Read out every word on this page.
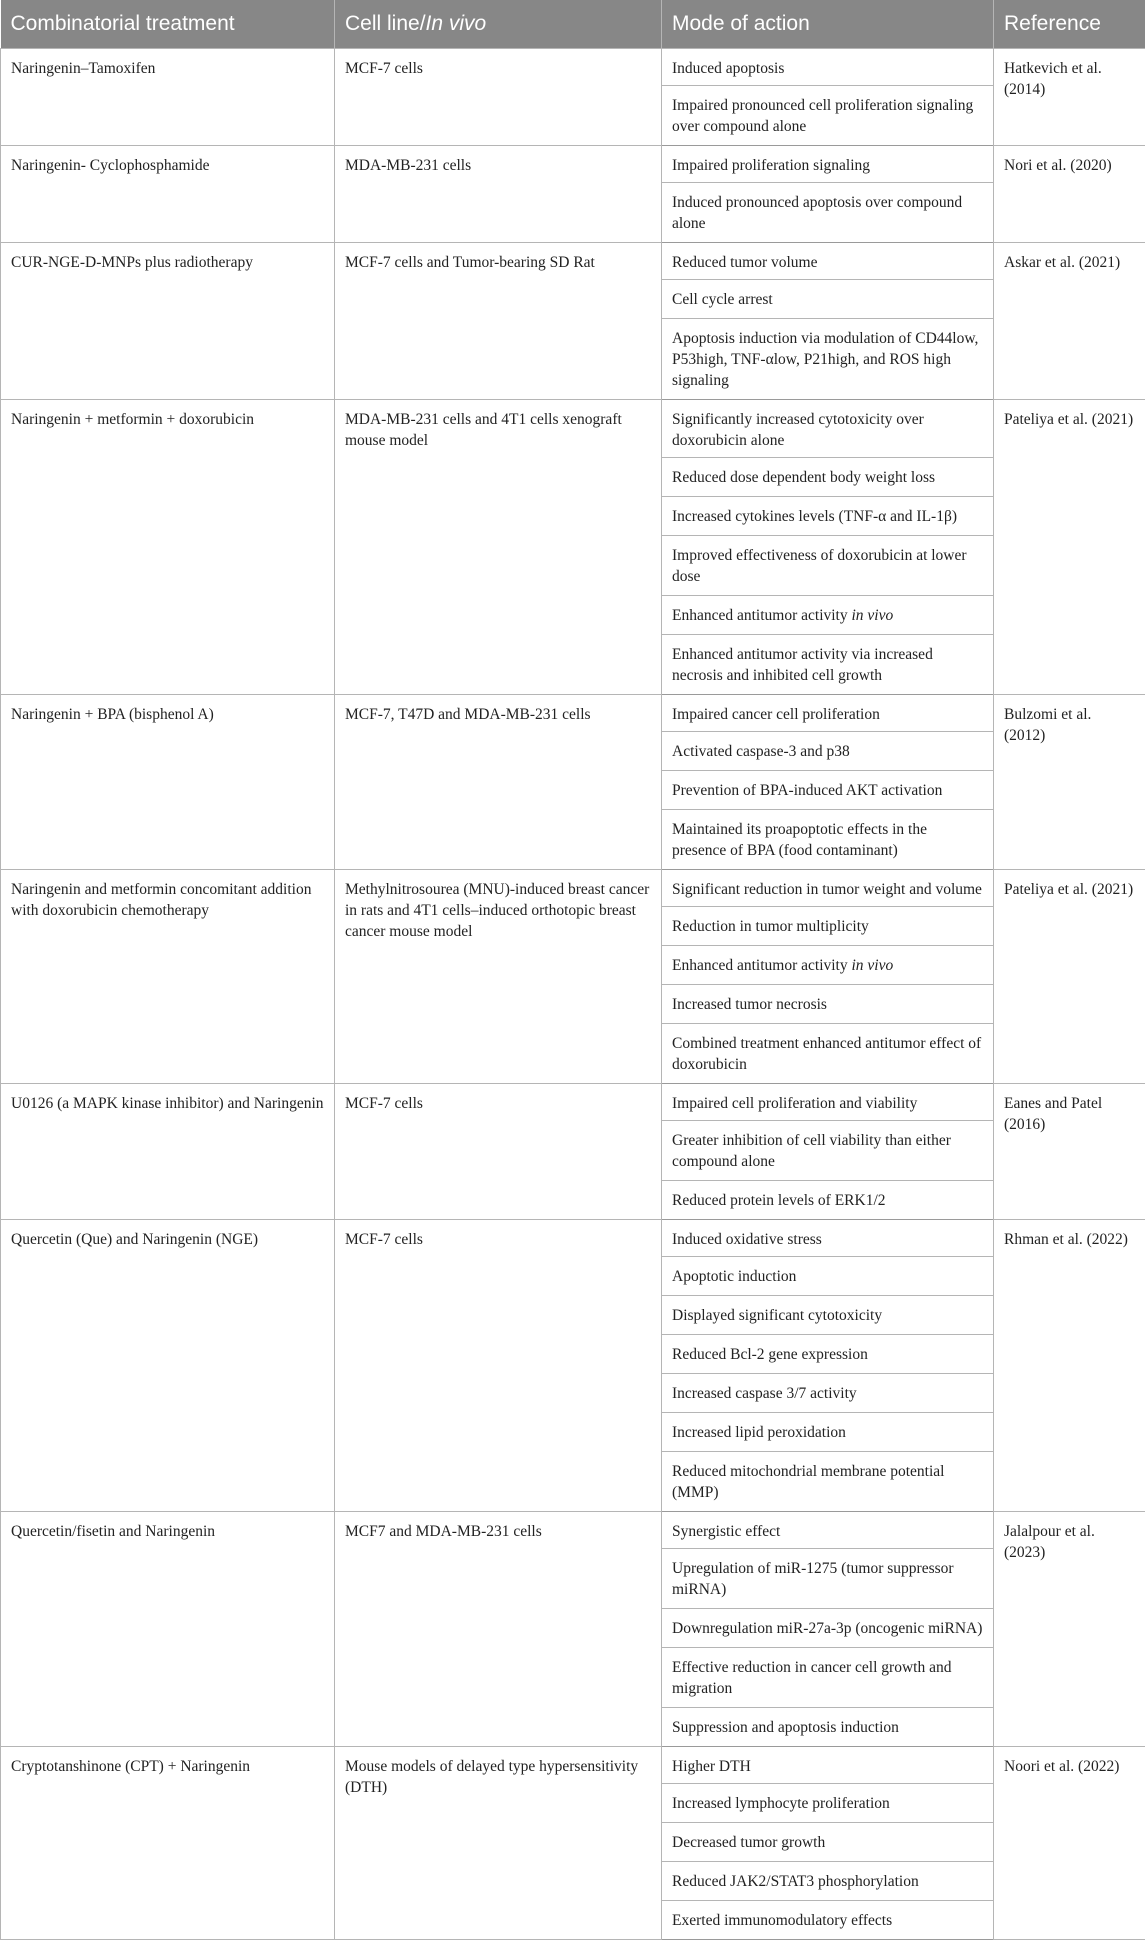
Combinatorial treatment	Cell line/In vivo	Mode of action	Reference
Naringenin–Tamoxifen	MCF-7 cells	Induced apoptosis	Hatkevich et al. (2014)
		Impaired pronounced cell proliferation signaling over compound alone	
Naringenin- Cyclophosphamide	MDA-MB-231 cells	Impaired proliferation signaling	Nori et al. (2020)
		Induced pronounced apoptosis over compound alone	
CUR-NGE-D-MNPs plus radiotherapy	MCF-7 cells and Tumor-bearing SD Rat	Reduced tumor volume	Askar et al. (2021)
		Cell cycle arrest	
		Apoptosis induction via modulation of CD44low, P53high, TNF-αlow, P21high, and ROS high signaling	
Naringenin + metformin + doxorubicin	MDA-MB-231 cells and 4T1 cells xenograft mouse model	Significantly increased cytotoxicity over doxorubicin alone	Pateliya et al. (2021)
		Reduced dose dependent body weight loss	
		Increased cytokines levels (TNF-α and IL-1β)	
		Improved effectiveness of doxorubicin at lower dose	
		Enhanced antitumor activity in vivo	
		Enhanced antitumor activity via increased necrosis and inhibited cell growth	
Naringenin + BPA (bisphenol A)	MCF-7, T47D and MDA-MB-231 cells	Impaired cancer cell proliferation	Bulzomi et al. (2012)
		Activated caspase-3 and p38	
		Prevention of BPA-induced AKT activation	
		Maintained its proapoptotic effects in the presence of BPA (food contaminant)	
Naringenin and metformin concomitant addition with doxorubicin chemotherapy	Methylnitrosourea (MNU)-induced breast cancer in rats and 4T1 cells–induced orthotopic breast cancer mouse model	Significant reduction in tumor weight and volume	Pateliya et al. (2021)
		Reduction in tumor multiplicity	
		Enhanced antitumor activity in vivo	
		Increased tumor necrosis	
		Combined treatment enhanced antitumor effect of doxorubicin	
U0126 (a MAPK kinase inhibitor) and Naringenin	MCF-7 cells	Impaired cell proliferation and viability	Eanes and Patel (2016)
		Greater inhibition of cell viability than either compound alone	
		Reduced protein levels of ERK1/2	
Quercetin (Que) and Naringenin (NGE)	MCF-7 cells	Induced oxidative stress	Rhman et al. (2022)
		Apoptotic induction	
		Displayed significant cytotoxicity	
		Reduced Bcl-2 gene expression	
		Increased caspase 3/7 activity	
		Increased lipid peroxidation	
		Reduced mitochondrial membrane potential (MMP)	
Quercetin/fisetin and Naringenin	MCF7 and MDA-MB-231 cells	Synergistic effect	Jalalpour et al. (2023)
		Upregulation of miR-1275 (tumor suppressor miRNA)	
		Downregulation miR-27a-3p (oncogenic miRNA)	
		Effective reduction in cancer cell growth and migration	
		Suppression and apoptosis induction	
Cryptotanshinone (CPT) + Naringenin	Mouse models of delayed type hypersensitivity (DTH)	Higher DTH	Noori et al. (2022)
		Increased lymphocyte proliferation	
		Decreased tumor growth	
		Reduced JAK2/STAT3 phosphorylation	
		Exerted immunomodulatory effects	
